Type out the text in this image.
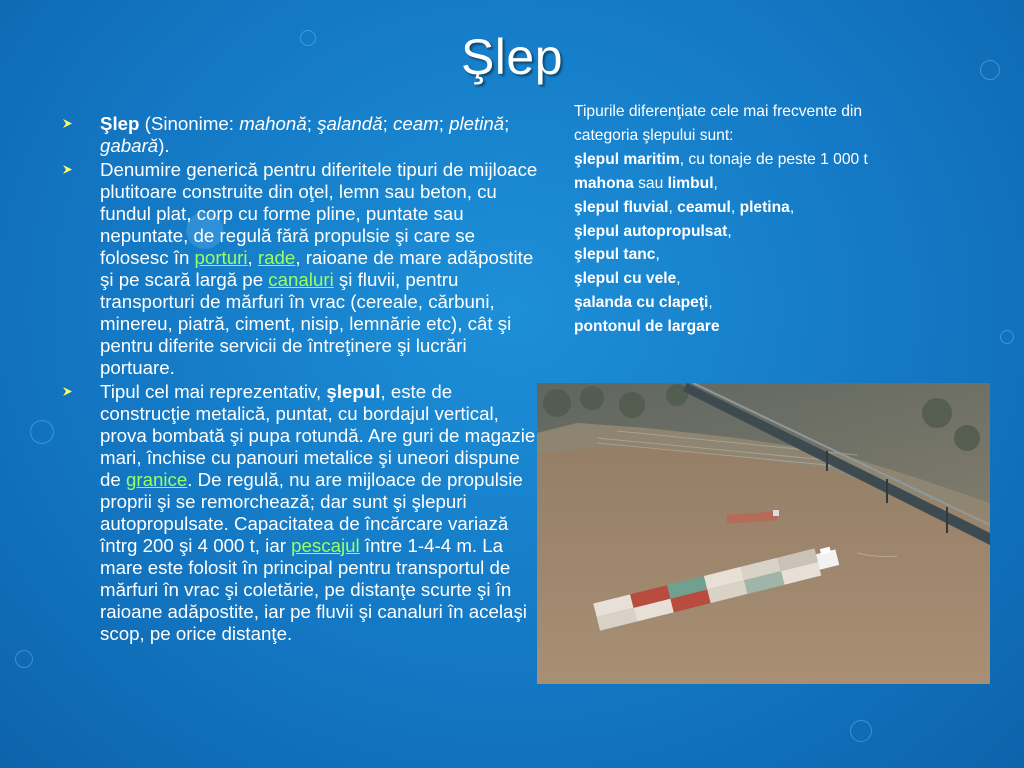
Şlep
Şlep (Sinonime: mahonă; şalandă; ceam; pletină; gabară).
Denumire generică pentru diferitele tipuri de mijloace plutitoare construite din oţel, lemn sau beton, cu fundul plat, corp cu forme pline, puntate sau nepuntate, de regulă fără propulsie şi care se folosesc în porturi, rade, raioane de mare adăpostite şi pe scară largă pe canaluri şi fluvii, pentru transporturi de mărfuri în vrac (cereale, cărbuni, minereu, piatră, ciment, nisip, lemnărie etc), cât şi pentru diferite servicii de întreţinere şi lucrări portuare.
Tipul cel mai reprezentativ, şlepul, este de construcţie metalică, puntat, cu bordajul vertical, prova bombată şi pupa rotundă. Are guri de magazie mari, închise cu panouri metalice şi uneori dispune de granice. De regulă, nu are mijloace de propulsie proprii şi se remorchează; dar sunt şi şlepuri autopropulsate. Capacitatea de încărcare variază întrg 200 şi 4 000 t, iar pescajul între 1-4-4 m. La mare este folosit în principal pentru transportul de mărfuri în vrac şi coletărie, pe distanţe scurte şi în raioane adăpostite, iar pe fluvii şi canaluri în acelaşi scop, pe orice distanţe.
Tipurile diferenţiate cele mai frecvente din
categoria şlepului sunt:
şlepul maritim, cu tonaje de peste 1 000 t
mahona sau limbul,
şlepul fluvial, ceamul, pletina,
şlepul autopropulsat,
şlepul tanc,
şlepul cu vele,
şalanda cu clapeţi,
pontonul de largare
